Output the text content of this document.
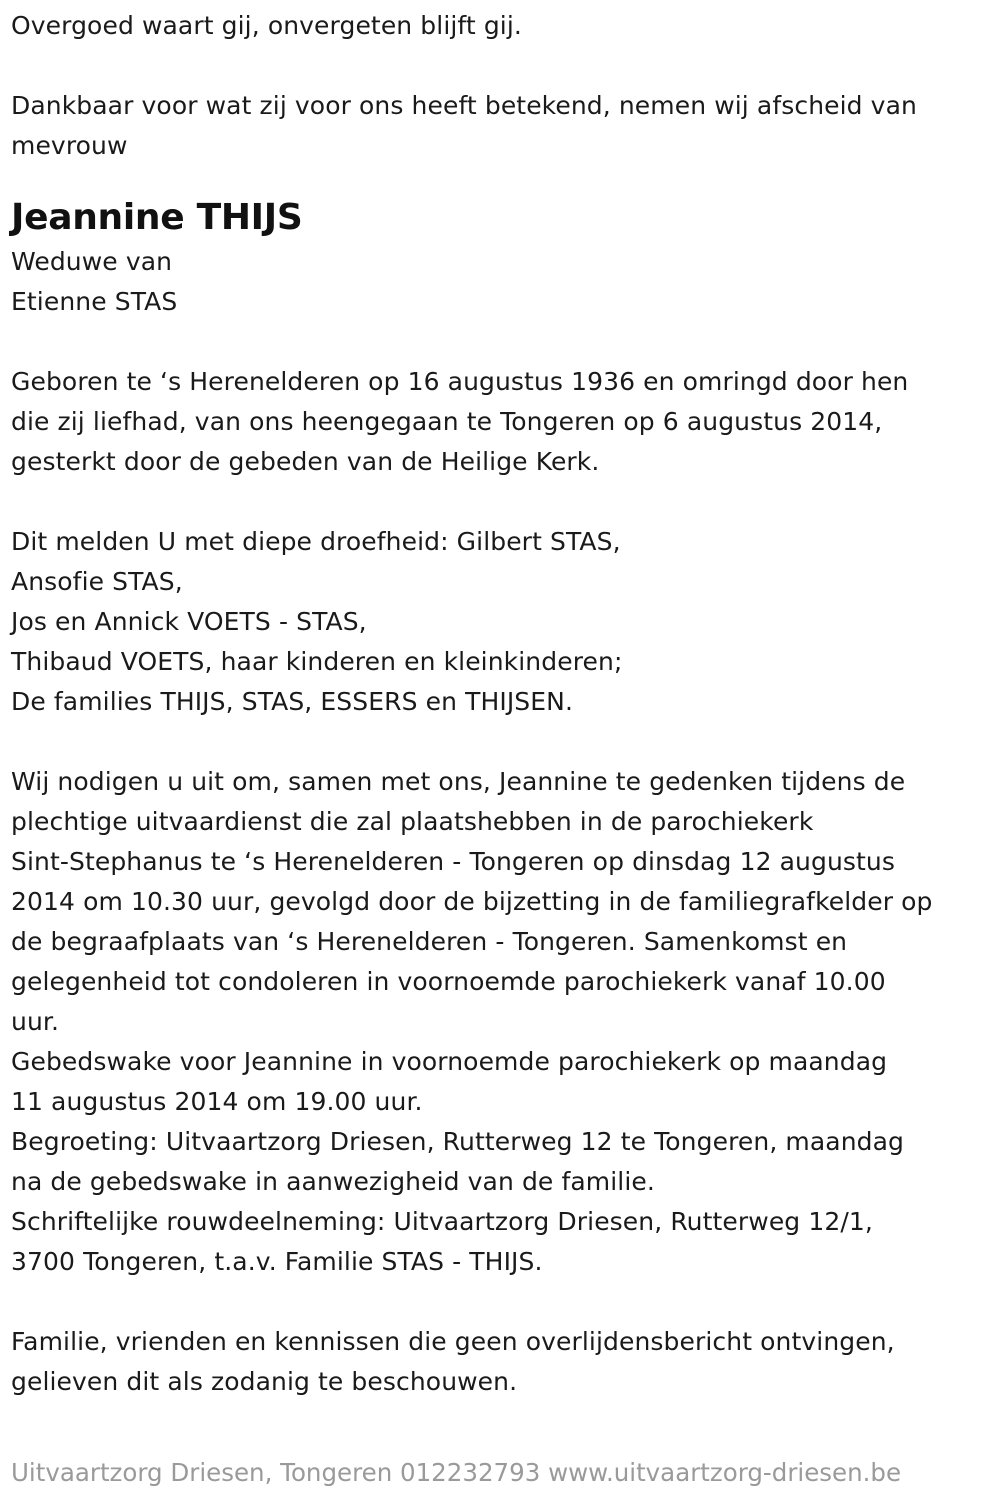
Overgoed waart gij, onvergeten blijft gij.

Dankbaar voor wat zij voor ons heeft betekend, nemen wij afscheid van
mevrouw

Jeannine THIJS

Weduwe van
Etienne STAS

Geboren te ‘s Herenelderen op 16 augustus 1936 en omringd door hen
die zij liefhad, van ons heengegaan te Tongeren op 6 augustus 2014,
gesterkt door de gebeden van de Heilige Kerk.

Dit melden U met diepe droefheid: Gilbert STAS,
Ansofie STAS,
Jos en Annick VOETS - STAS,
Thibaud VOETS, haar kinderen en kleinkinderen;
De families THIJS, STAS, ESSERS en THIJSEN.

Wij nodigen u uit om, samen met ons, Jeannine te gedenken tijdens de
plechtige uitvaardienst die zal plaatshebben in de parochiekerk
Sint-Stephanus te ‘s Herenelderen - Tongeren op dinsdag 12 augustus
2014 om 10.30 uur, gevolgd door de bijzetting in de familiegrafkelder op
de begraafplaats van ‘s Herenelderen - Tongeren. Samenkomst en
gelegenheid tot condoleren in voornoemde parochiekerk vanaf 10.00
uur.
Gebedswake voor Jeannine in voornoemde parochiekerk op maandag
11 augustus 2014 om 19.00 uur.
Begroeting: Uitvaartzorg Driesen, Rutterweg 12 te Tongeren, maandag
na de gebedswake in aanwezigheid van de familie.
Schriftelijke rouwdeelneming: Uitvaartzorg Driesen, Rutterweg 12/1,
3700 Tongeren, t.a.v. Familie STAS - THIJS.

Familie, vrienden en kennissen die geen overlijdensbericht ontvingen,
gelieven dit als zodanig te beschouwen.

Uitvaartzorg Driesen, Tongeren 012232793 www.uitvaartzorg-driesen.be
